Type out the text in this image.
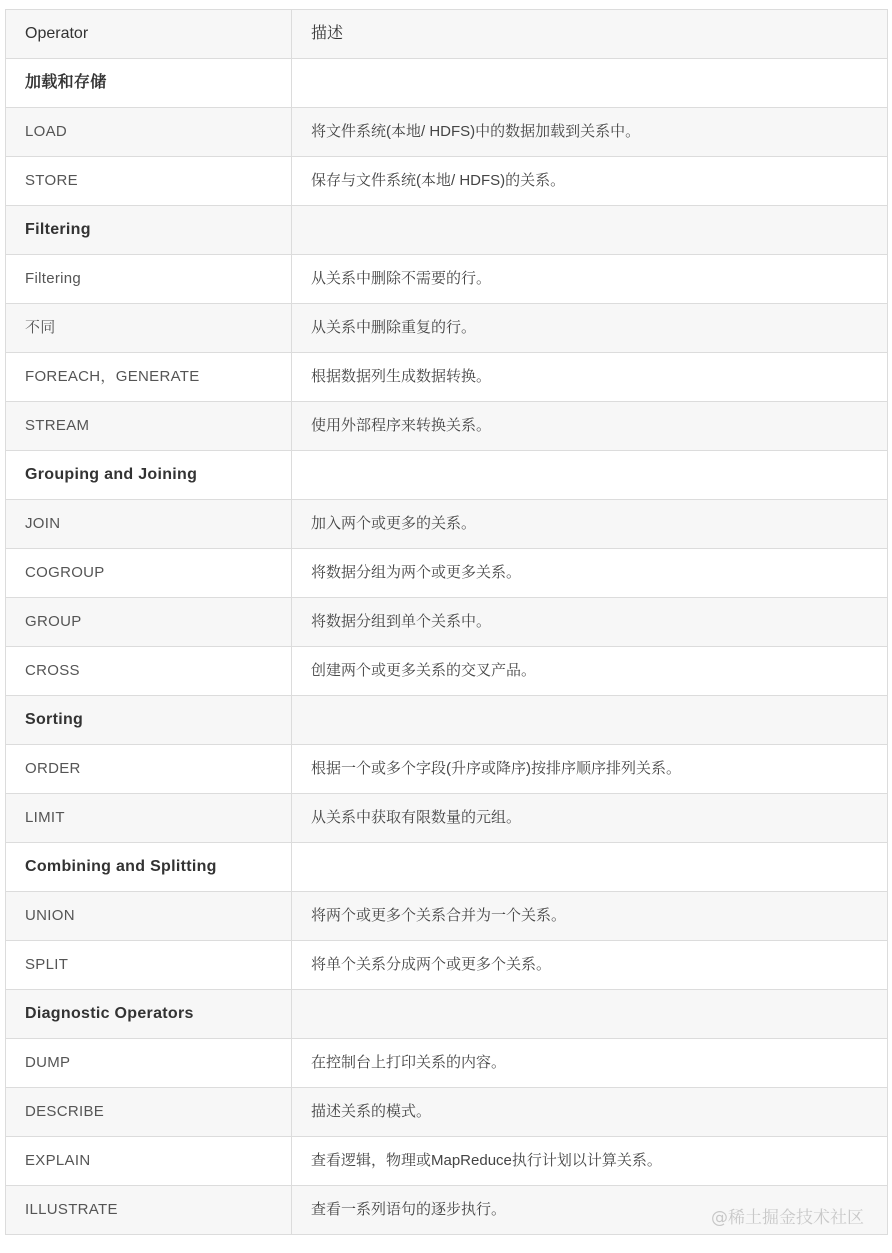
Operator	描述
加载和存储	
LOAD	将文件系统(本地/ HDFS)中的数据加载到关系中。
STORE	保存与文件系统(本地/ HDFS)的关系。
Filtering	
Filtering	从关系中删除不需要的行。
不同	从关系中删除重复的行。
FOREACH，GENERATE	根据数据列生成数据转换。
STREAM	使用外部程序来转换关系。
Grouping and Joining	
JOIN	加入两个或更多的关系。
COGROUP	将数据分组为两个或更多关系。
GROUP	将数据分组到单个关系中。
CROSS	创建两个或更多关系的交叉产品。
Sorting	
ORDER	根据一个或多个字段(升序或降序)按排序顺序排列关系。
LIMIT	从关系中获取有限数量的元组。
Combining and Splitting	
UNION	将两个或更多个关系合并为一个关系。
SPLIT	将单个关系分成两个或更多个关系。
Diagnostic Operators	
DUMP	在控制台上打印关系的内容。
DESCRIBE	描述关系的模式。
EXPLAIN	查看逻辑，物理或MapReduce执行计划以计算关系。
ILLUSTRATE	查看一系列语句的逐步执行。	@稀土掘金技术社区
